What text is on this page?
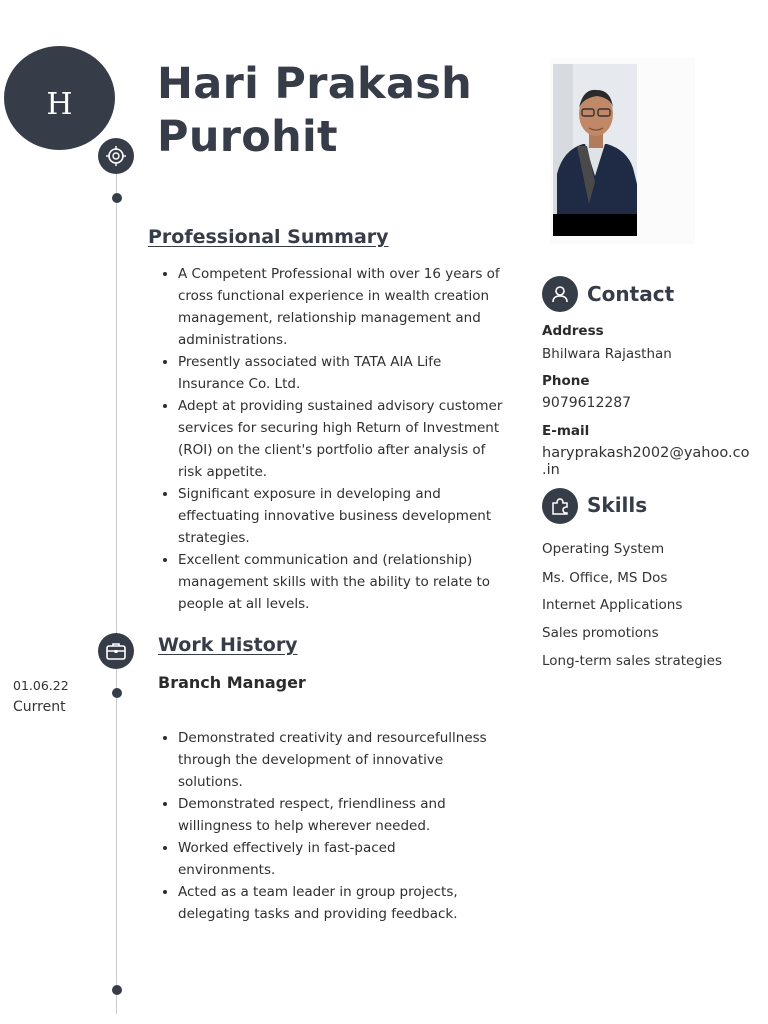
H Hari Prakash
Purohit
Professional Summary
• A Competent Professional with over 16 years of cross functional experience in wealth creation management, relationship management and administrations.
• Presently associated with TATA AIA Life Insurance Co. Ltd.
• Adept at providing sustained advisory customer services for securing high Return of Investment (ROI) on the client's portfolio after analysis of risk appetite.
• Significant exposure in developing and effectuating innovative business development strategies.
• Excellent communication and (relationship) management skills with the ability to relate to people at all levels.
Work History
01.06.22
Current
Branch Manager
• Demonstrated creativity and resourcefullness through the development of innovative solutions.
• Demonstrated respect, friendliness and willingness to help wherever needed.
• Worked effectively in fast-paced environments.
• Acted as a team leader in group projects, delegating tasks and providing feedback.
Contact
Address
Bhilwara Rajasthan
Phone
9079612287
E-mail
haryprakash2002@yahoo.co
.in
Skills
Operating System
Ms. Office, MS Dos
Internet Applications
Sales promotions
Long-term sales strategies
